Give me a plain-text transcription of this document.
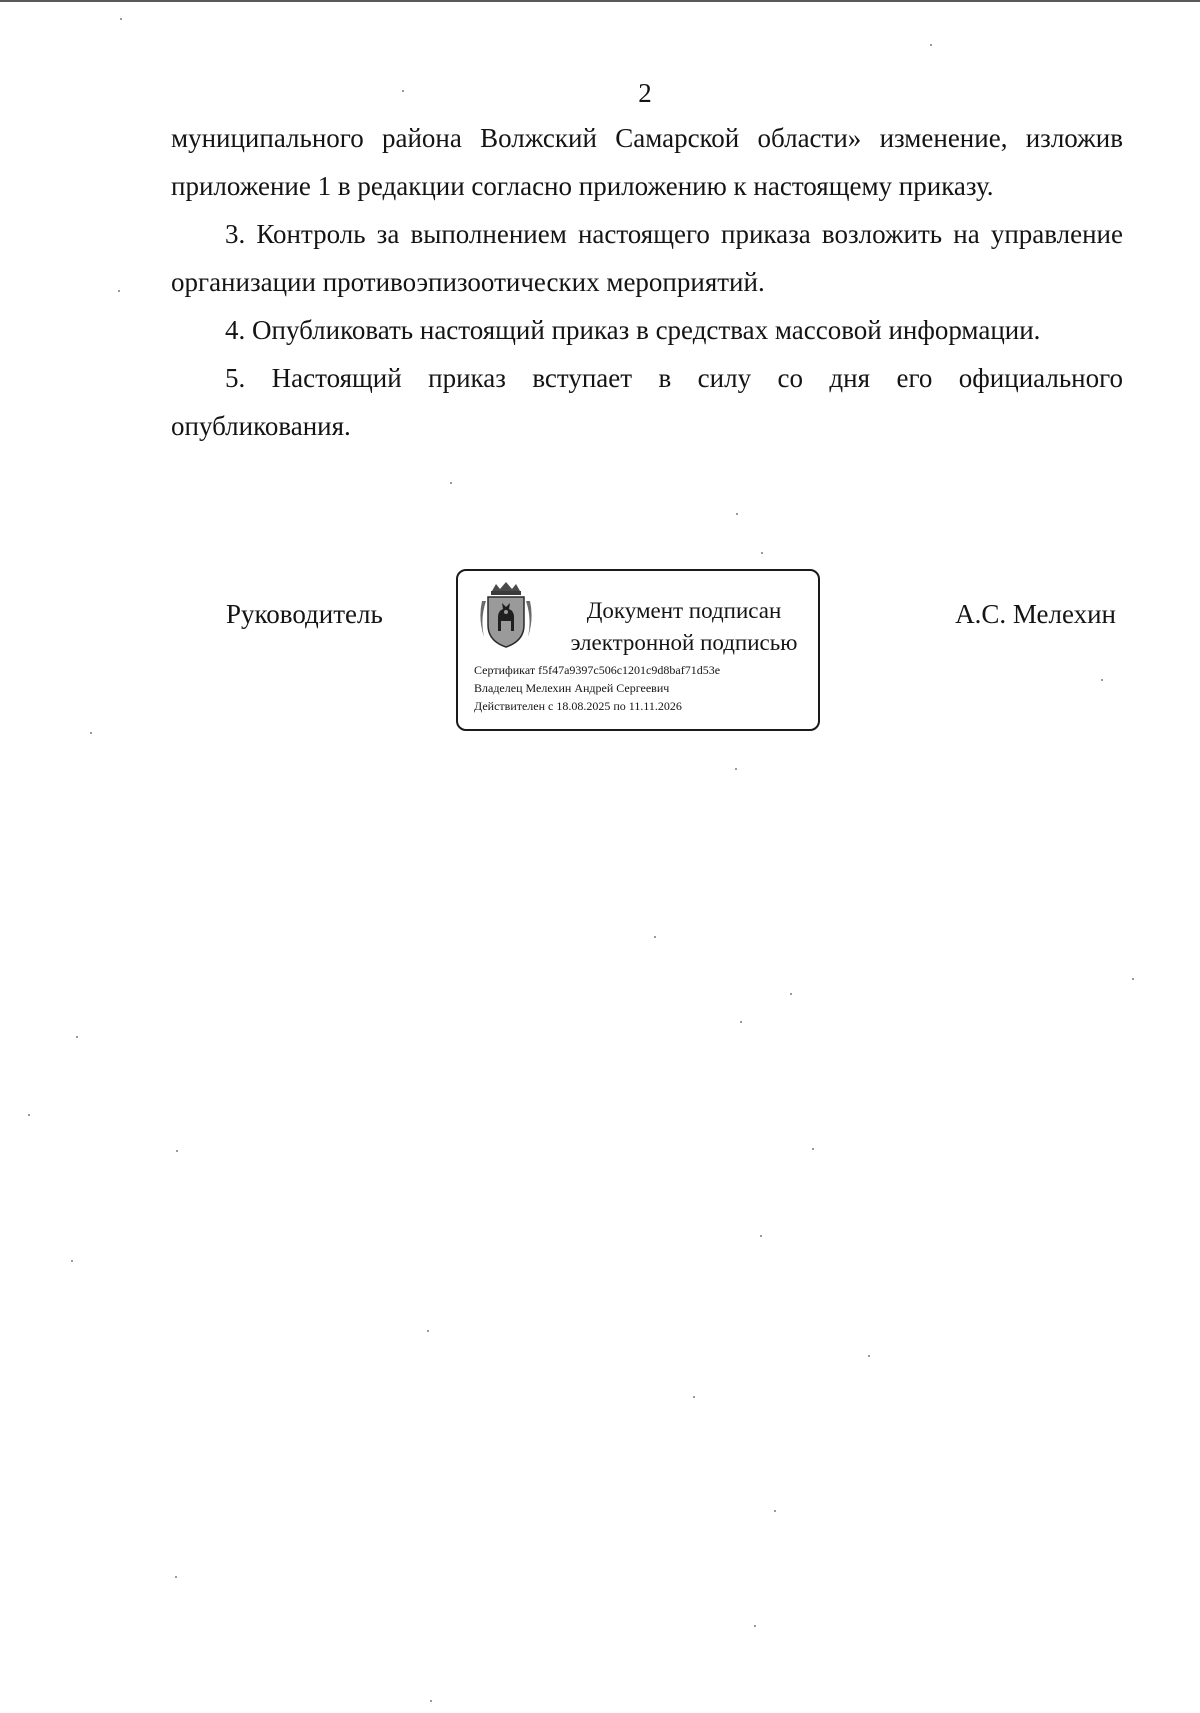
2

муниципального района Волжский Самарской области» изменение, изложив приложение 1 в редакции согласно приложению к настоящему приказу.

3. Контроль за выполнением настоящего приказа возложить на управление организации противоэпизоотических мероприятий.

4. Опубликовать настоящий приказ в средствах массовой информации.

5. Настоящий приказ вступает в силу со дня его официального опубликования.

Руководитель	Документ подписан
электронной подписью
Сертификат f5f47a9397c506c1201c9d8baf71d53e
Владелец Мелехин Андрей Сергеевич
Действителен с 18.08.2025 по 11.11.2026
А.С. Мелехин
